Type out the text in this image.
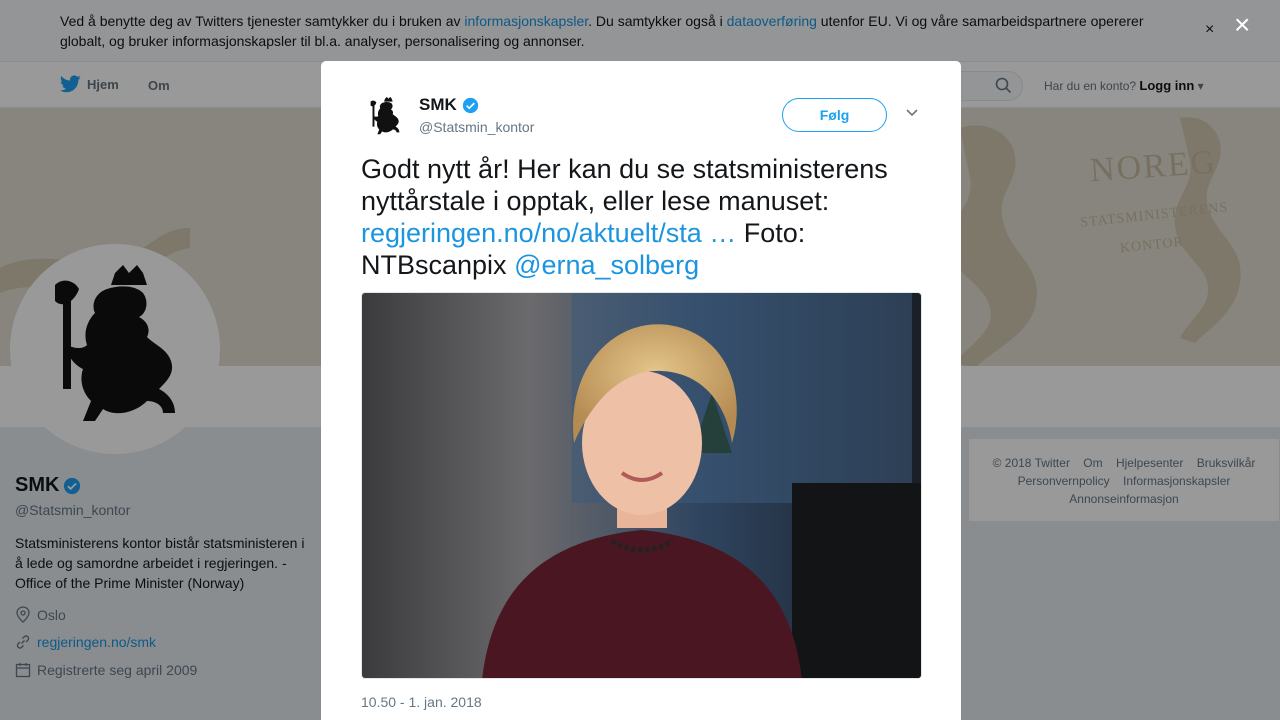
Ved å benytte deg av Twitters tjenester samtykker du i bruken av informasjonskapsler. Du samtykker også i dataoverføring utenfor EU. Vi og våre samarbeidspartnere opererer globalt, og bruker informasjonskapsler til bl.a. analyser, personalisering og annonser.
×
Hjem Om	Har du en konto? Logg inn ▾
NOREG
STATSMINISTERENS
KONTOR
SMK
@Statsmin_kontor
Statsministerens kontor bistår statsministeren i å lede og samordne arbeidet i regjeringen. - Office of the Prime Minister (Norway)
Oslo
regjeringen.no/smk
Registrerte seg april 2009
© 2018 Twitter Om Hjelpesenter Bruksvilkår
Personvernpolicy Informasjonskapsler
Annonseinformasjon
×
SMK
@Statsmin_kontor
Følg
Godt nytt år! Her kan du se statsministerens nyttårstale i opptak, eller lese manuset: regjeringen.no/no/aktuelt/sta … Foto: NTBscanpix @erna_solberg
10.50 - 1. jan. 2018
